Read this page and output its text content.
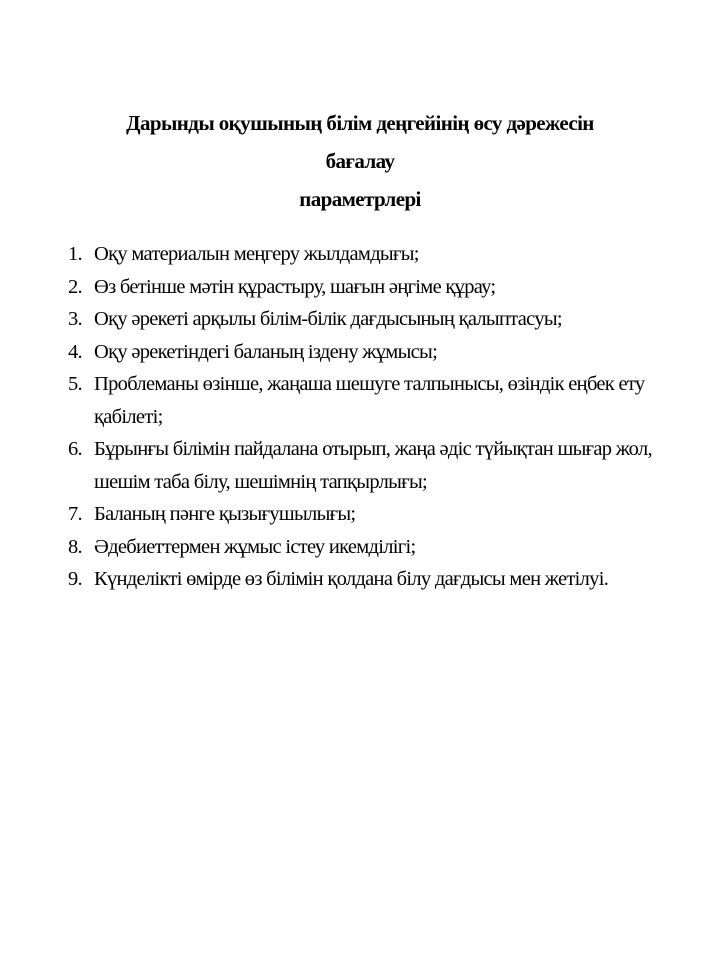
Дарынды оқушының білім деңгейінің өсу дәрежесін бағалау
параметрлері
1. Оқу материалын меңгеру жылдамдығы;
2. Өз бетінше мәтін құрастыру, шағын әңгіме құрау;
3. Оқу әрекеті арқылы білім-білік дағдысының қалыптасуы;
4. Оқу әрекетіндегі баланың іздену жұмысы;
5. Проблеманы өзінше, жаңаша шешуге талпынысы, өзіндік еңбек ету қабілеті;
6. Бұрынғы білімін пайдалана отырып, жаңа әдіс түйықтан шығар жол, шешім таба білу, шешімнің тапқырлығы;
7. Баланың пәнге қызығушылығы;
8. Әдебиеттермен жұмыс істеу икемділігі;
9. Күнделікті өмірде өз білімін қолдана білу дағдысы мен жетілуі.
